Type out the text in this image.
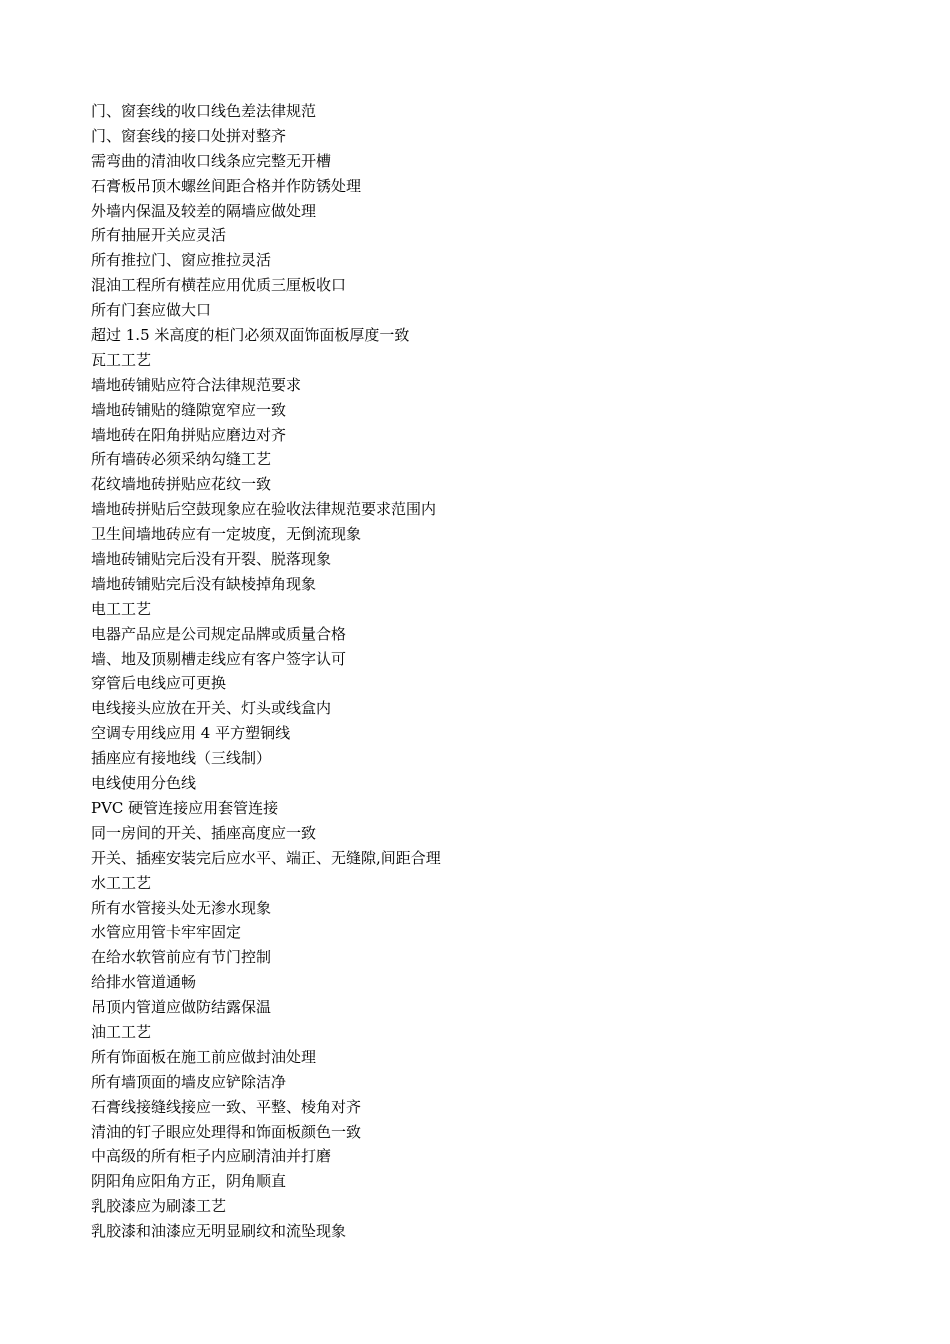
门、窗套线的收口线色差法律规范
门、窗套线的接口处拼对整齐
需弯曲的清油收口线条应完整无开槽
石膏板吊顶木螺丝间距合格并作防锈处理
外墙内保温及较差的隔墙应做处理
所有抽屉开关应灵活
所有推拉门、窗应推拉灵活
混油工程所有横茬应用优质三厘板收口
所有门套应做大口
超过 1.5 米高度的柜门必须双面饰面板厚度一致
瓦工工艺
墙地砖铺贴应符合法律规范要求
墙地砖铺贴的缝隙宽窄应一致
墙地砖在阳角拼贴应磨边对齐
所有墙砖必须采纳勾缝工艺
花纹墙地砖拼贴应花纹一致
墙地砖拼贴后空鼓现象应在验收法律规范要求范围内
卫生间墙地砖应有一定坡度，无倒流现象
墙地砖铺贴完后没有开裂、脱落现象
墙地砖铺贴完后没有缺棱掉角现象
电工工艺
电器产品应是公司规定品牌或质量合格
墙、地及顶剔槽走线应有客户签字认可
穿管后电线应可更换
电线接头应放在开关、灯头或线盒内
空调专用线应用 4 平方塑铜线
插座应有接地线（三线制）
电线使用分色线
PVC 硬管连接应用套管连接
同一房间的开关、插座高度应一致
开关、插痤安装完后应水平、端正、无缝隙,间距合理
水工工艺
所有水管接头处无渗水现象
水管应用管卡牢牢固定
在给水软管前应有节门控制
给排水管道通畅
吊顶内管道应做防结露保温
油工工艺
所有饰面板在施工前应做封油处理
所有墙顶面的墙皮应铲除洁净
石膏线接缝线接应一致、平整、棱角对齐
清油的钉子眼应处理得和饰面板颜色一致
中高级的所有柜子内应刷清油并打磨
阴阳角应阳角方正，阴角顺直
乳胶漆应为刷漆工艺
乳胶漆和油漆应无明显刷纹和流坠现象
